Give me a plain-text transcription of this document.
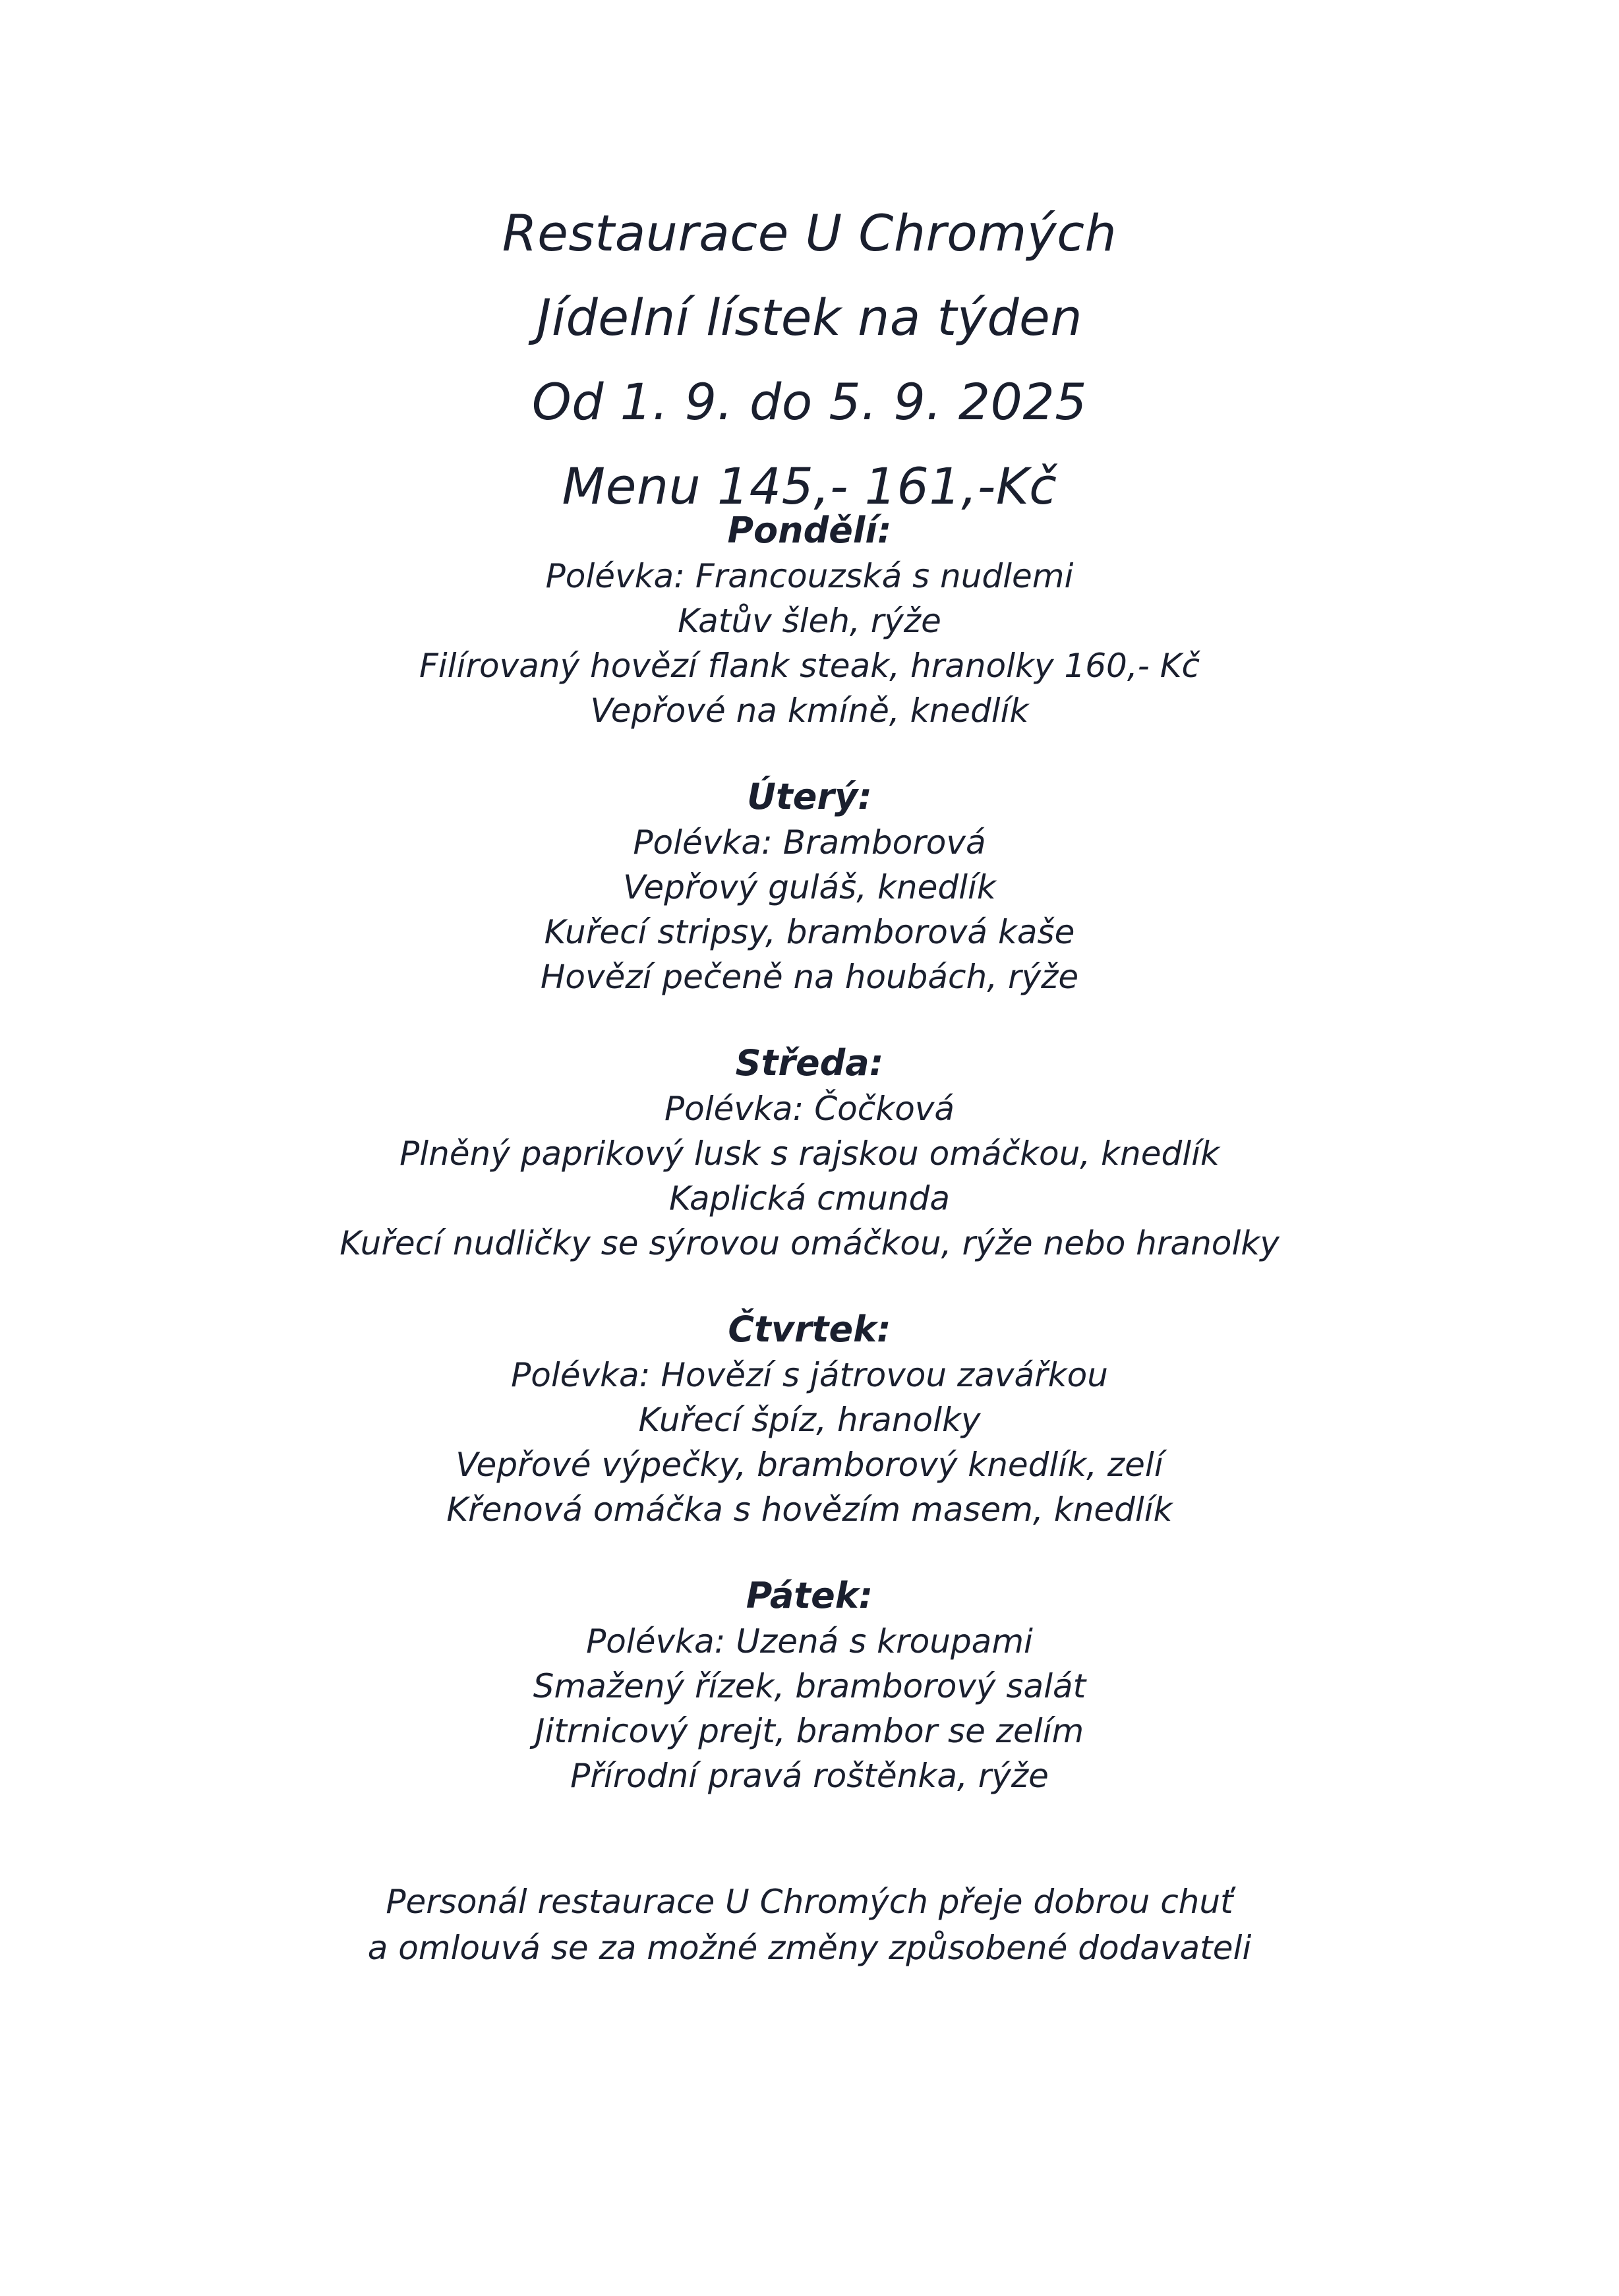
Restaurace U Chromých
Jídelní lístek na týden
Od 1. 9. do 5. 9. 2025
Menu 145,- 161,-Kč
Pondělí:
Polévka: Francouzská s nudlemi
Katův šleh, rýže
Filírovaný hovězí flank steak, hranolky 160,- Kč
Vepřové na kmíně, knedlík
Úterý:
Polévka: Bramborová
Vepřový guláš, knedlík
Kuřecí stripsy, bramborová kaše
Hovězí pečeně na houbách, rýže
Středa:
Polévka: Čočková
Plněný paprikový lusk s rajskou omáčkou, knedlík
Kaplická cmunda
Kuřecí nudličky se sýrovou omáčkou, rýže nebo hranolky
Čtvrtek:
Polévka: Hovězí s játrovou zavářkou
Kuřecí špíz, hranolky
Vepřové výpečky, bramborový knedlík, zelí
Křenová omáčka s hovězím masem, knedlík
Pátek:
Polévka: Uzená s kroupami
Smažený řízek, bramborový salát
Jitrnicový prejt, brambor se zelím
Přírodní pravá roštěnka, rýže
Personál restaurace U Chromých přeje dobrou chuť
a omlouvá se za možné změny způsobené dodavateli
